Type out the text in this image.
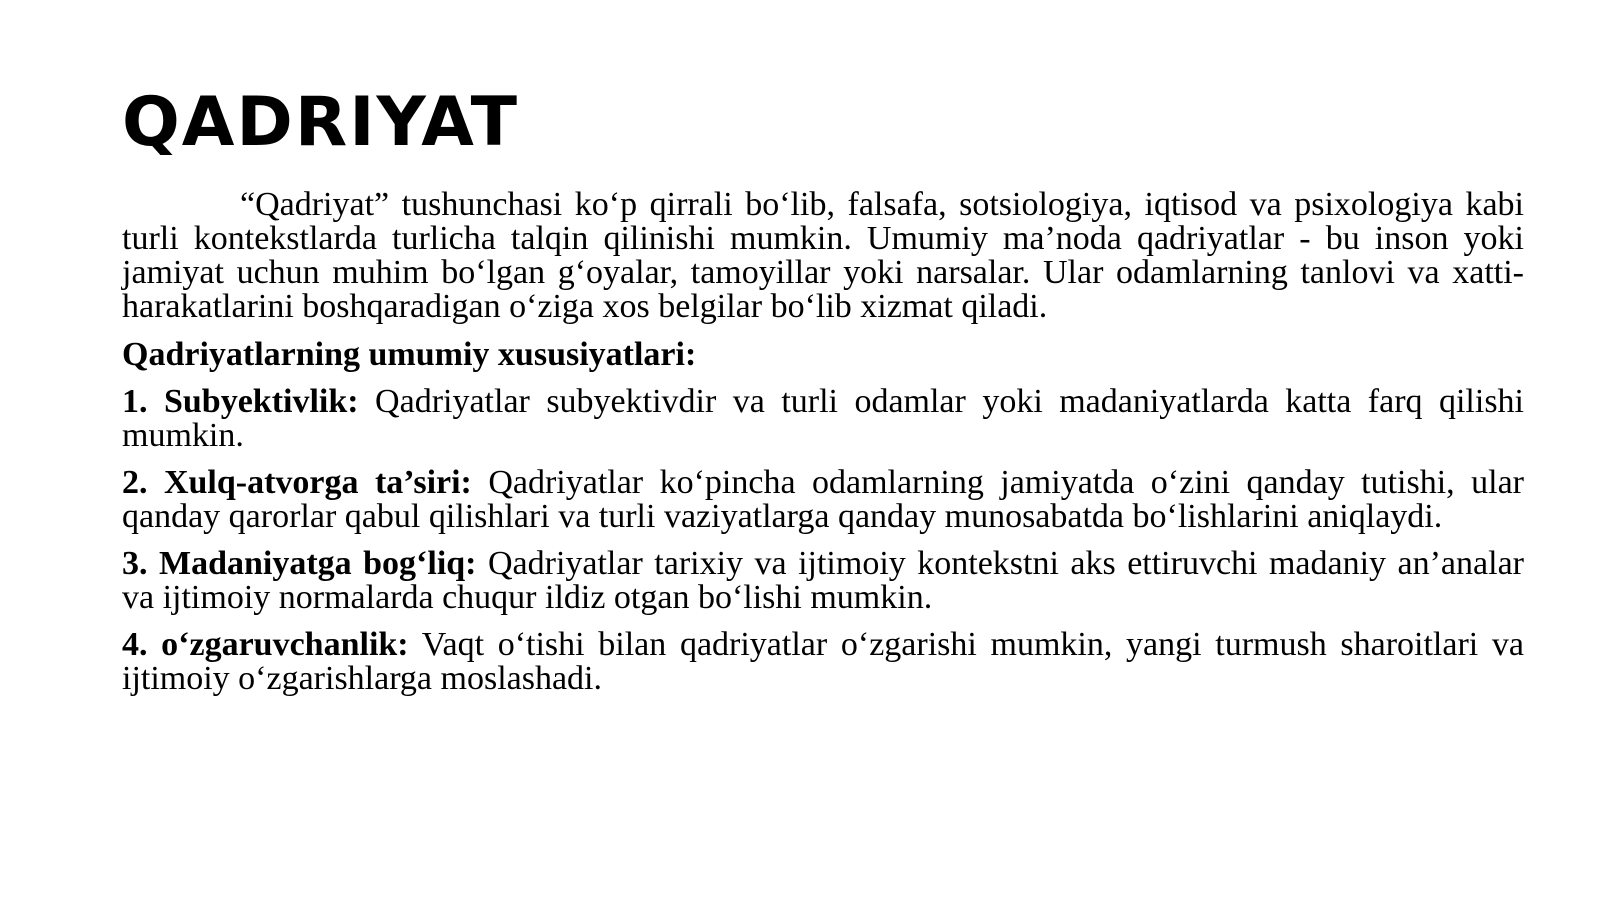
QADRIYAT

“Qadriyat” tushunchasi ko‘p qirrali bo‘lib, falsafa, sotsiologiya, iqtisod va psixologiya kabi turli kontekstlarda turlicha talqin qilinishi mumkin. Umumiy ma’noda qadriyatlar - bu inson yoki jamiyat uchun muhim bo‘lgan g‘oyalar, tamoyillar yoki narsalar. Ular odamlarning tanlovi va xatti-harakatlarini boshqaradigan o‘ziga xos belgilar bo‘lib xizmat qiladi.

Qadriyatlarning umumiy xususiyatlari:

1. Subyektivlik: Qadriyatlar subyektivdir va turli odamlar yoki madaniyatlarda katta farq qilishi mumkin.

2. Xulq-atvorga ta’siri: Qadriyatlar ko‘pincha odamlarning jamiyatda o‘zini qanday tutishi, ular qanday qarorlar qabul qilishlari va turli vaziyatlarga qanday munosabatda bo‘lishlarini aniqlaydi.

3. Madaniyatga bog‘liq: Qadriyatlar tarixiy va ijtimoiy kontekstni aks ettiruvchi madaniy an’analar va ijtimoiy normalarda chuqur ildiz otgan bo‘lishi mumkin.

4. o‘zgaruvchanlik: Vaqt o‘tishi bilan qadriyatlar o‘zgarishi mumkin, yangi turmush sharoitlari va ijtimoiy o‘zgarishlarga moslashadi.
